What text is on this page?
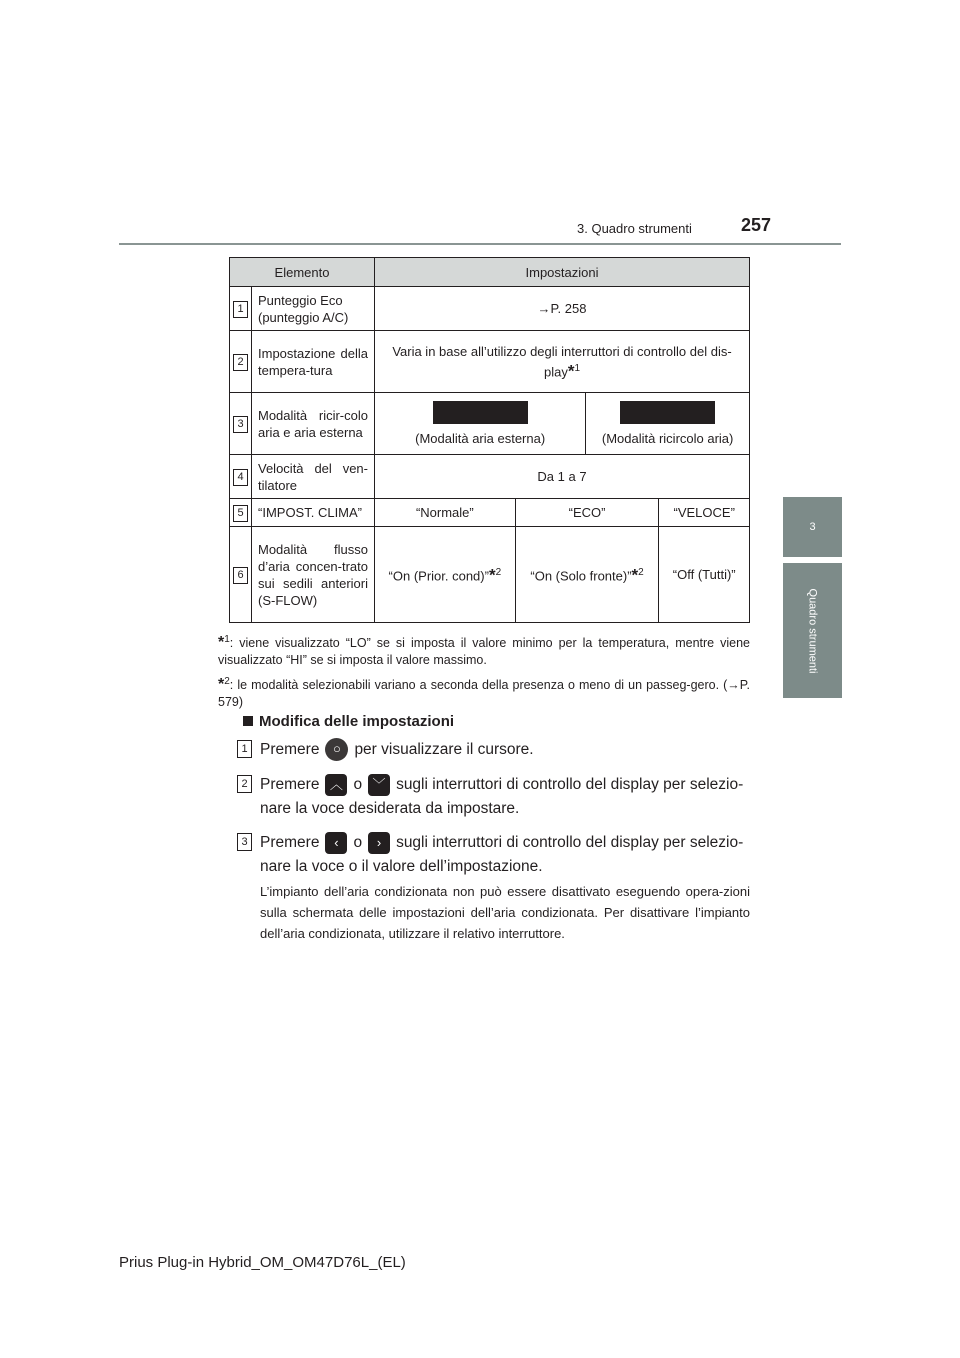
3. Quadro strumenti	257
3
Quadro strumenti
Elemento		Impostazioni			
1	Punteggio Eco (punteggio A/C)	→P. 258			
2	Impostazione della tempera-tura	Varia in base all’utilizzo degli interruttori di controllo del dis-play*$^1$
3	Modalità ricir-colo aria e aria esterna	(Modalità aria esterna)		(Modalità ricircolo aria)	
4	Velocità del ven-tilatore	Da 1 a 7			
5	“IMPOST. CLIMA”	“Normale”	“ECO”		“VELOCE”
6	Modalità flusso d’aria concen-trato sui sedili anteriori (S-FLOW)	“On (Prior. cond)”*$^2$	“On (Solo fronte)”*$^2$		“Off (Tutti)”
*$^1$: viene visualizzato “LO” se si imposta il valore minimo per la temperatura, mentre viene visualizzato “HI” se si imposta il valore massimo.
*$^2$: le modalità selezionabili variano a seconda della presenza o meno di un passeg-gero. (→P. 579)
Modifica delle impostazioni
1 Premere ○ per visualizzare il cursore.
2 Premere ︿ o ﹀ sugli interruttori di controllo del display per selezio-nare la voce desiderata da impostare.
3 Premere ‹ o › sugli interruttori di controllo del display per selezio-nare la voce o il valore dell’impostazione.
L’impianto dell’aria condizionata non può essere disattivato eseguendo opera-zioni sulla schermata delle impostazioni dell’aria condizionata. Per disattivare l’impianto dell’aria condizionata, utilizzare il relativo interruttore.
Prius Plug-in Hybrid_OM_OM47D76L_(EL)
